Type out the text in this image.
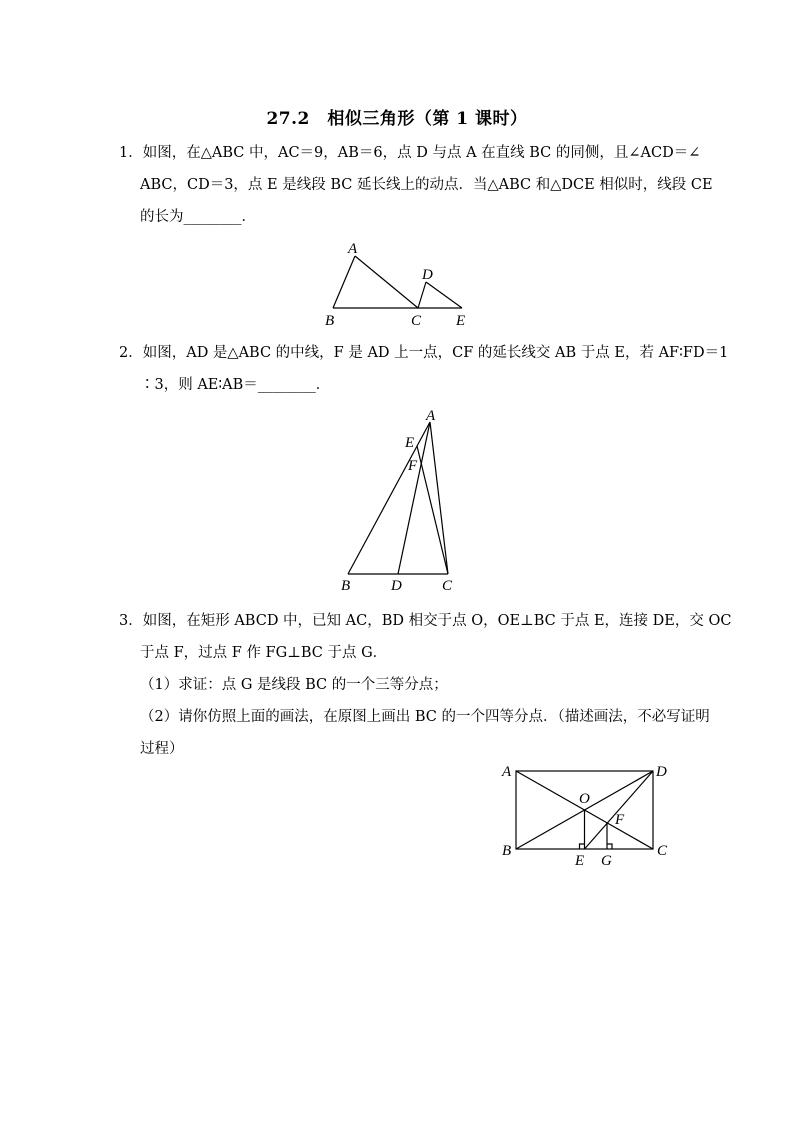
27.2　相似三角形（第 1 课时）
1．如图，在△ABC 中，AC＝9，AB＝6，点 D 与点 A 在直线 BC 的同侧，且∠ACD＝∠
ABC，CD＝3，点 E 是线段 BC 延长线上的动点．当△ABC 和△DCE 相似时，线段 CE
的长为________．
A
B	C
D
E
2．如图，AD 是△ABC 的中线，F 是 AD 上一点，CF 的延长线交 AB 于点 E，若 AF∶FD＝1
∶3，则 AE∶AB＝________．
A
E
F
B	D	C
3．如图，在矩形 ABCD 中，已知 AC，BD 相交于点 O，OE⊥BC 于点 E，连接 DE，交 OC
于点 F，过点 F 作 FG⊥BC 于点 G．
（1）求证：点 G 是线段 BC 的一个三等分点；
（2）请你仿照上面的画法，在原图上画出 BC 的一个四等分点．（描述画法，不必写证明
过程）
A	D
O
F
B
E G
C
